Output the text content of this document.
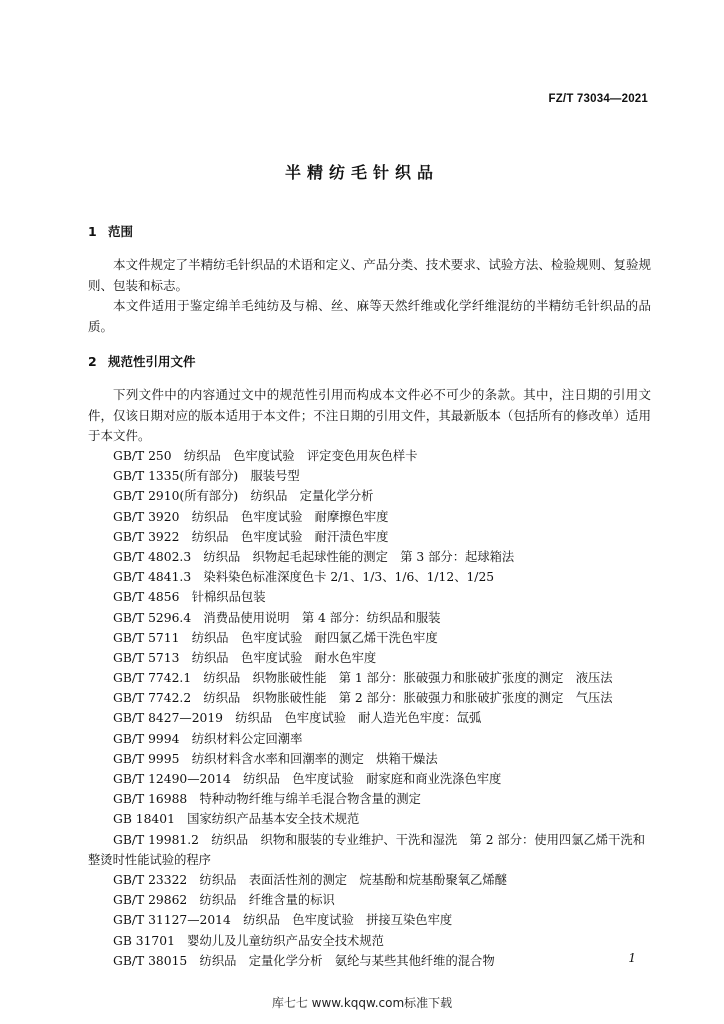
FZ/T 73034—2021
半精纺毛针织品
1 范围
本文件规定了半精纺毛针织品的术语和定义、产品分类、技术要求、试验方法、检验规则、复验规则、包装和标志。
本文件适用于鉴定绵羊毛纯纺及与棉、丝、麻等天然纤维或化学纤维混纺的半精纺毛针织品的品质。
2 规范性引用文件
下列文件中的内容通过文中的规范性引用而构成本文件必不可少的条款。其中，注日期的引用文件，仅该日期对应的版本适用于本文件；不注日期的引用文件，其最新版本（包括所有的修改单）适用于本文件。
GB/T 250　纺织品　色牢度试验　评定变色用灰色样卡
GB/T 1335(所有部分)　服装号型
GB/T 2910(所有部分)　纺织品　定量化学分析
GB/T 3920　纺织品　色牢度试验　耐摩擦色牢度
GB/T 3922　纺织品　色牢度试验　耐汗渍色牢度
GB/T 4802.3　纺织品　织物起毛起球性能的测定　第 3 部分：起球箱法
GB/T 4841.3　染料染色标准深度色卡 2/1、1/3、1/6、1/12、1/25
GB/T 4856　针棉织品包装
GB/T 5296.4　消费品使用说明　第 4 部分：纺织品和服装
GB/T 5711　纺织品　色牢度试验　耐四氯乙烯干洗色牢度
GB/T 5713　纺织品　色牢度试验　耐水色牢度
GB/T 7742.1　纺织品　织物胀破性能　第 1 部分：胀破强力和胀破扩张度的测定　液压法
GB/T 7742.2　纺织品　织物胀破性能　第 2 部分：胀破强力和胀破扩张度的测定　气压法
GB/T 8427—2019　纺织品　色牢度试验　耐人造光色牢度：氙弧
GB/T 9994　纺织材料公定回潮率
GB/T 9995　纺织材料含水率和回潮率的测定　烘箱干燥法
GB/T 12490—2014　纺织品　色牢度试验　耐家庭和商业洗涤色牢度
GB/T 16988　特种动物纤维与绵羊毛混合物含量的测定
GB 18401　国家纺织产品基本安全技术规范
GB/T 19981.2　纺织品　织物和服装的专业维护、干洗和湿洗　第 2 部分：使用四氯乙烯干洗和整烫时性能试验的程序
GB/T 23322　纺织品　表面活性剂的测定　烷基酚和烷基酚聚氧乙烯醚
GB/T 29862　纺织品　纤维含量的标识
GB/T 31127—2014　纺织品　色牢度试验　拼接互染色牢度
GB 31701　婴幼儿及儿童纺织产品安全技术规范
GB/T 38015　纺织品　定量化学分析　氨纶与某些其他纤维的混合物	1
库七七 www.kqqw.com标准下载
